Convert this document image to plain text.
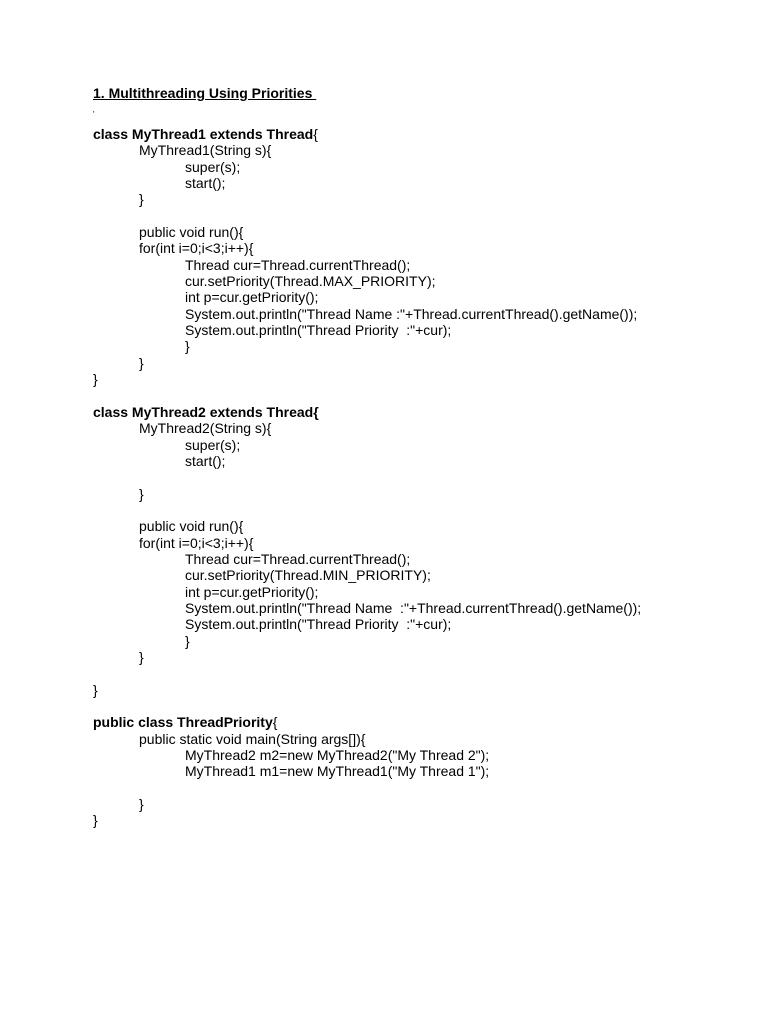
1. Multithreading Using Priorities
'
class MyThread1 extends Thread{
MyThread1(String s){
super(s);
start();
}
public void run(){
for(int i=0;i<3;i++){
Thread cur=Thread.currentThread();
cur.setPriority(Thread.MAX_PRIORITY);
int p=cur.getPriority();
System.out.println("Thread Name :"+Thread.currentThread().getName());
System.out.println("Thread Priority  :"+cur);
}
}
}
class MyThread2 extends Thread{
MyThread2(String s){
super(s);
start();
}
public void run(){
for(int i=0;i<3;i++){
Thread cur=Thread.currentThread();
cur.setPriority(Thread.MIN_PRIORITY);
int p=cur.getPriority();
System.out.println("Thread Name  :"+Thread.currentThread().getName());
System.out.println("Thread Priority  :"+cur);
}
}
}
public class ThreadPriority{
public static void main(String args[]){
MyThread2 m2=new MyThread2("My Thread 2");
MyThread1 m1=new MyThread1("My Thread 1");
}
}
